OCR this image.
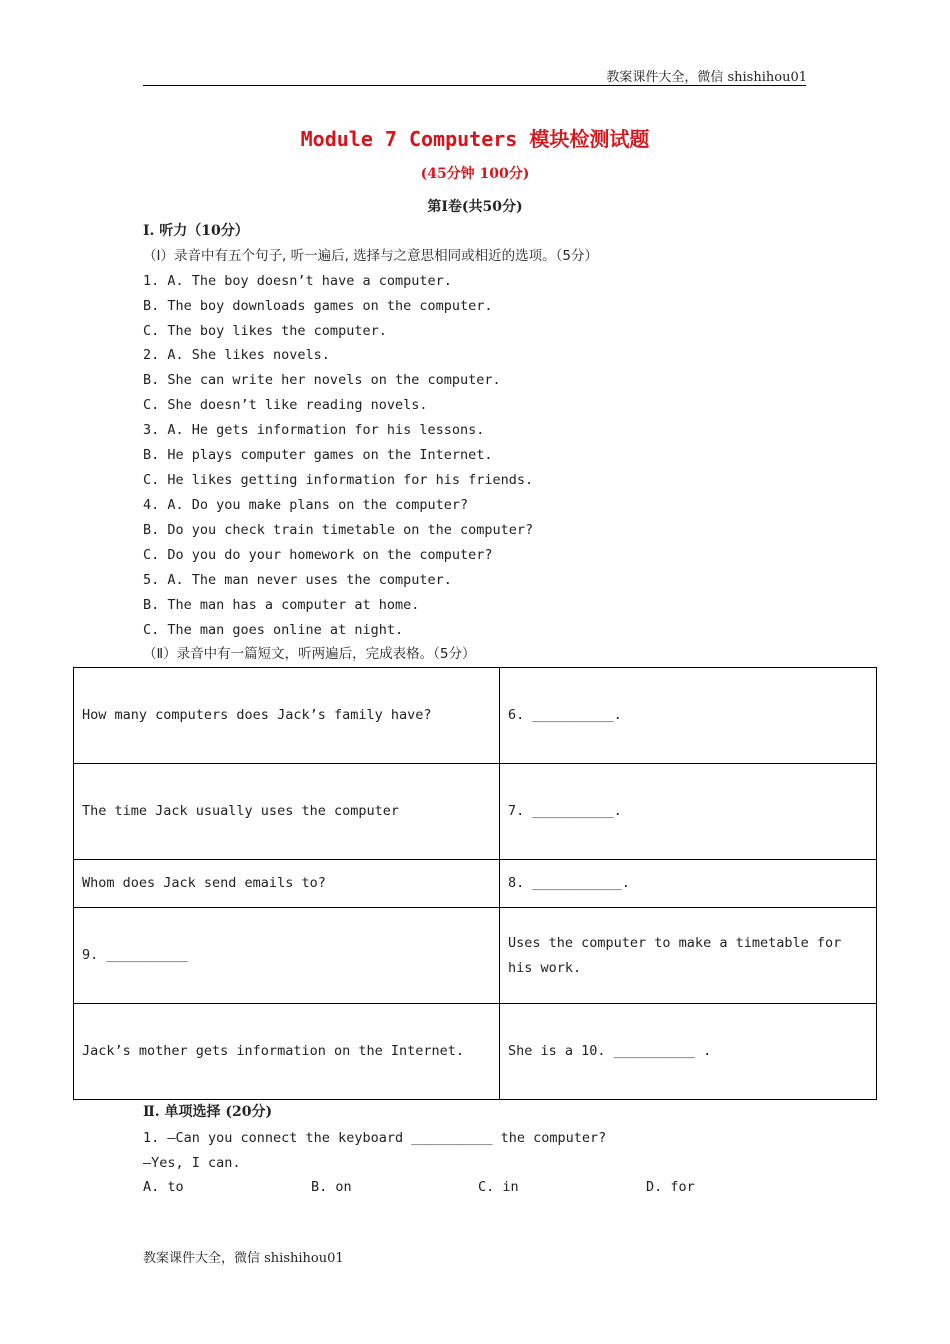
教案课件大全，微信 shishihou01
Module 7 Computers 模块检测试题
(45分钟 100分)
第Ⅰ卷(共50分)
Ⅰ. 听力（10分）
（Ⅰ）录音中有五个句子, 听一遍后, 选择与之意思相同或相近的选项。（5分）
1. A. The boy doesn’t have a computer.
B. The boy downloads games on the computer.
C. The boy likes the computer.
2. A. She likes novels.
B. She can write her novels on the computer.
C. She doesn’t like reading novels.
3. A. He gets information for his lessons.
B. He plays computer games on the Internet.
C. He likes getting information for his friends.
4. A. Do you make plans on the computer?
B. Do you check train timetable on the computer?
C. Do you do your homework on the computer?
5. A. The man never uses the computer.
B. The man has a computer at home.
C. The man goes online at night.
（Ⅱ）录音中有一篇短文，听两遍后，完成表格。（5分）
How many computers does Jack’s family have?	6. __________.
The time Jack usually uses the computer	7. __________.
Whom does Jack send emails to?	8. ___________.
9. __________	Uses the computer to make a timetable for his work.
Jack’s mother gets information on the Internet.	She is a 10. __________ .
Ⅱ. 单项选择 (20分)
1. —Can you connect the keyboard __________ the computer?
—Yes, I can.
A. to	B. on	C. in	D. for
教案课件大全，微信 shishihou01
